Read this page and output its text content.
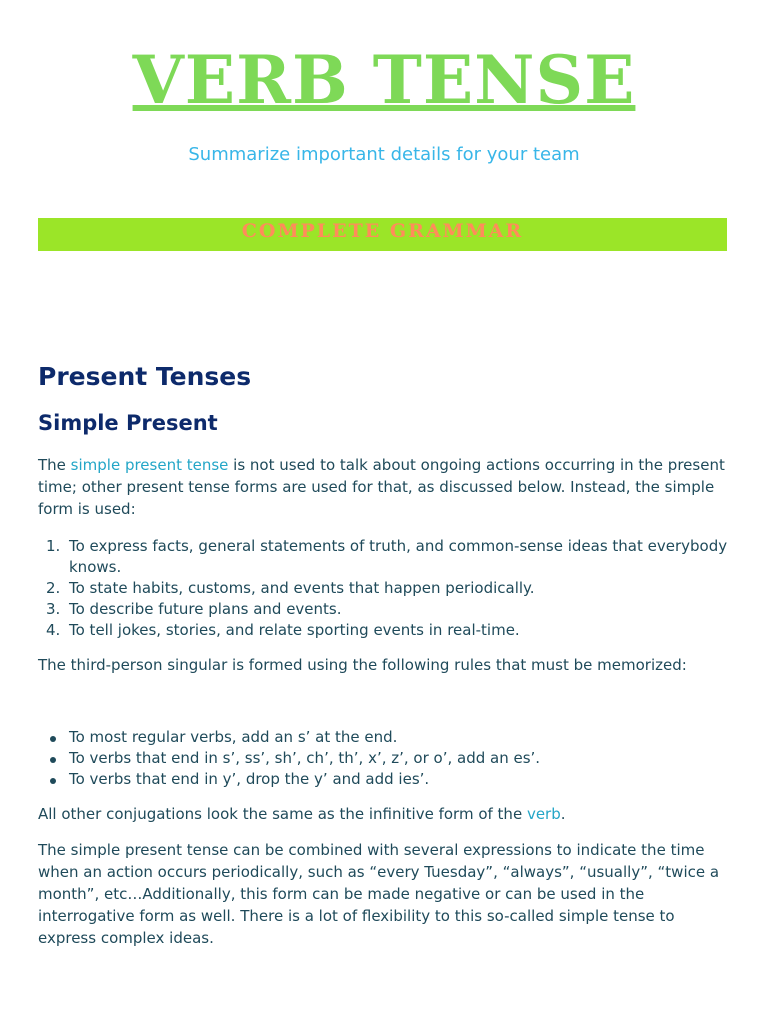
VERB TENSE
Summarize important details for your team
COMPLETE GRAMMAR
Present Tenses
Simple Present
The simple present tense is not used to talk about ongoing actions occurring in the present time; other present tense forms are used for that, as discussed below. Instead, the simple form is used:
1. To express facts, general statements of truth, and common-sense ideas that everybody knows.
2. To state habits, customs, and events that happen periodically.
3. To describe future plans and events.
4. To tell jokes, stories, and relate sporting events in real-time.
The third-person singular is formed using the following rules that must be memorized:
To most regular verbs, add an s’ at the end.
To verbs that end in s’, ss’, sh’, ch’, th’, x’, z’, or o’, add an es’.
To verbs that end in y’, drop the y’ and add ies’.
All other conjugations look the same as the infinitive form of the verb.
The simple present tense can be combined with several expressions to indicate the time when an action occurs periodically, such as “every Tuesday”, “always”, “usually”, “twice a month”, etc…Additionally, this form can be made negative or can be used in the interrogative form as well. There is a lot of flexibility to this so-called simple tense to express complex ideas.
